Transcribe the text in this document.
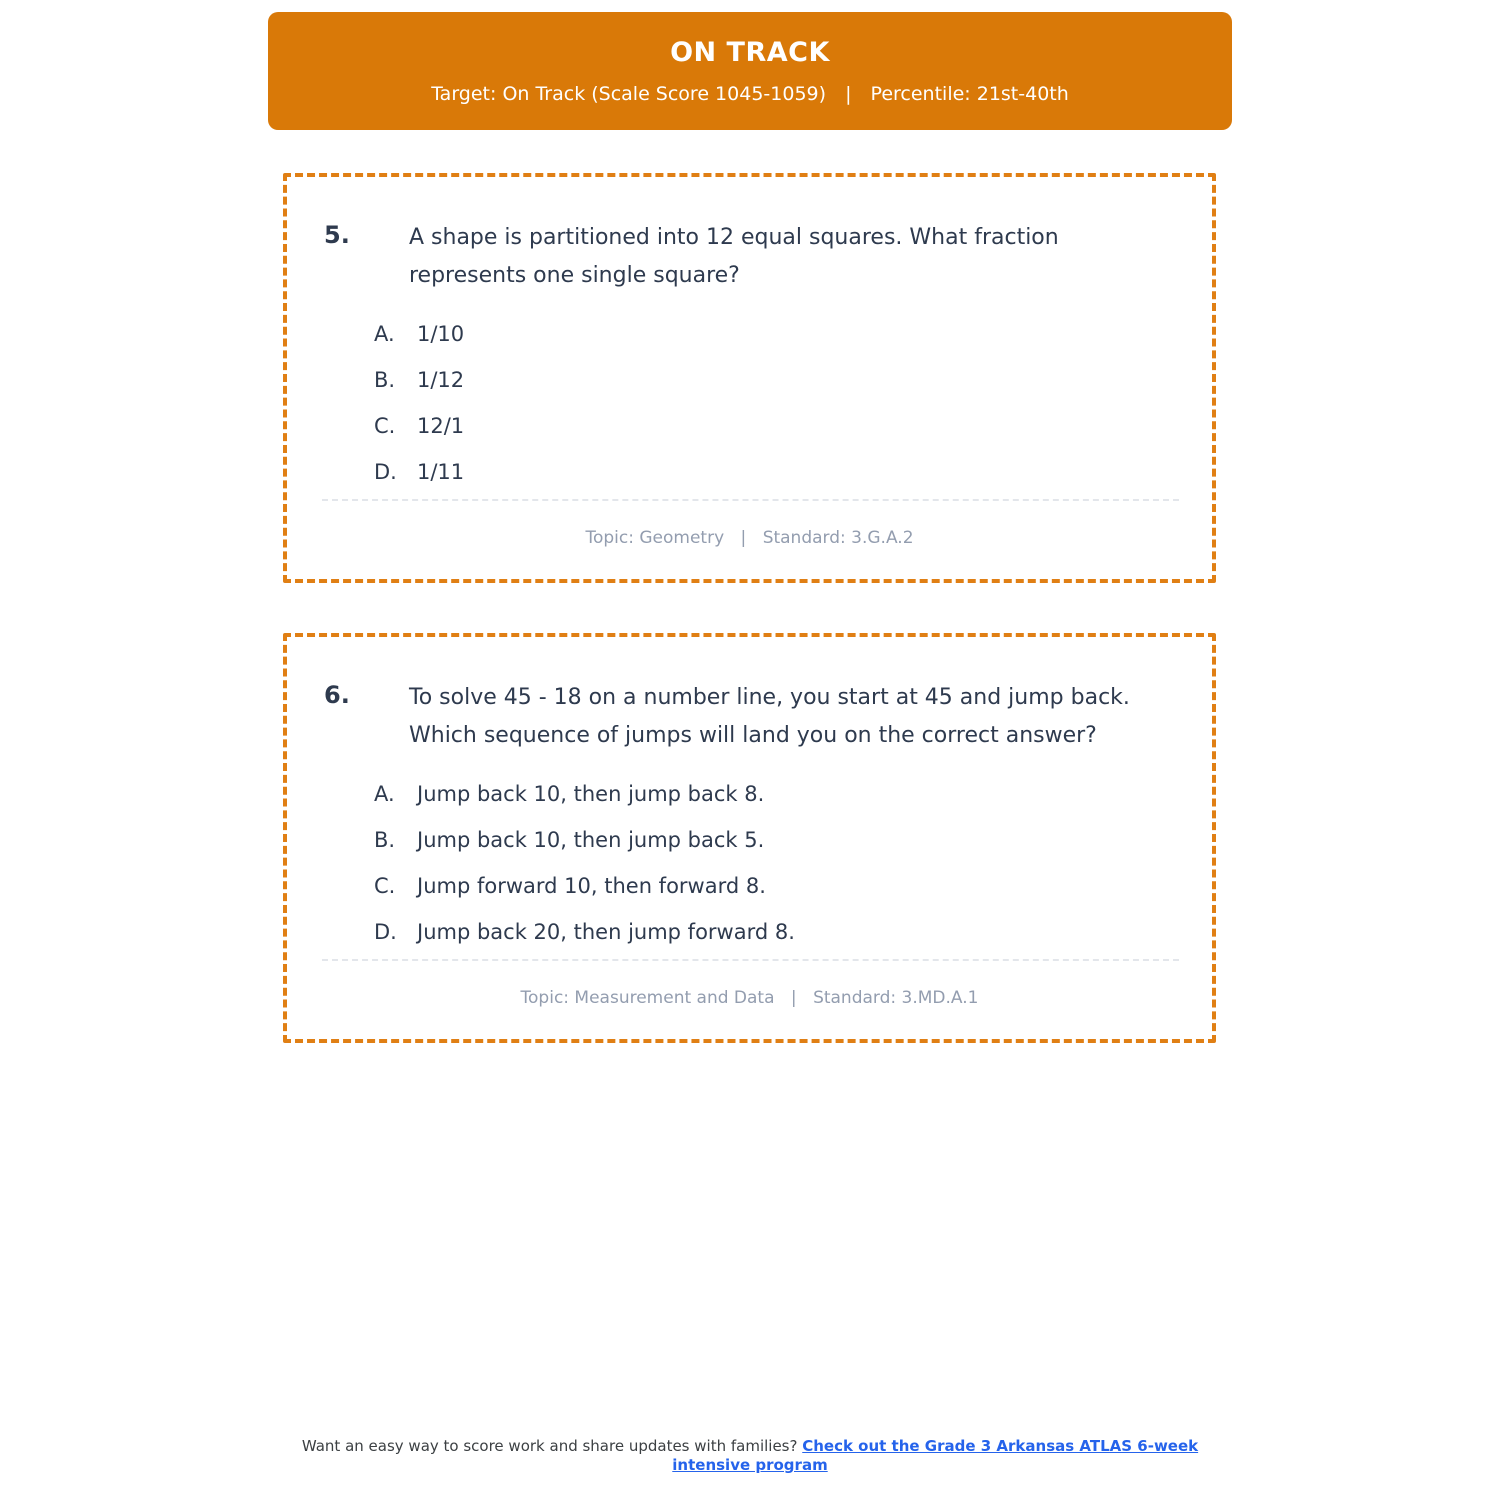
ON TRACK
Target: On Track (Scale Score 1045-1059) | Percentile: 21st-40th
5.	A shape is partitioned into 12 equal squares. What fraction represents one single square?
A.	1/10
B.	1/12
C.	12/1
D. 1/11
Topic: Geometry | Standard: 3.G.A.2
6.	To solve 45 - 18 on a number line, you start at 45 and jump back. Which sequence of jumps will land you on the correct answer?
A.	Jump back 10, then jump back 8.
B.	Jump back 10, then jump back 5.
C.	Jump forward 10, then forward 8.
D. Jump back 20, then jump forward 8.
Topic: Measurement and Data | Standard: 3.MD.A.1
Want an easy way to score work and share updates with families? Check out the Grade 3 Arkansas ATLAS 6-week intensive program
